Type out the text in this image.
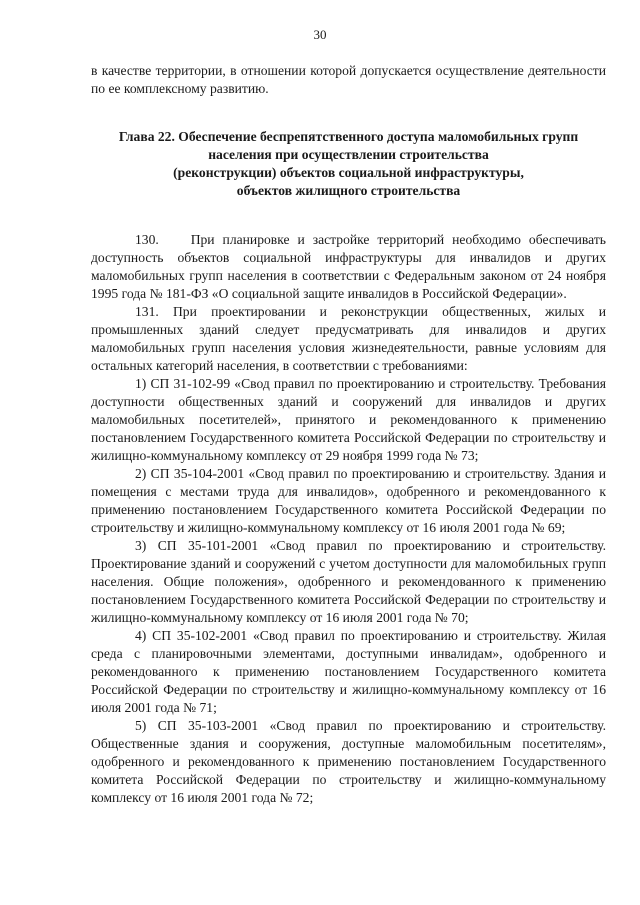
30

в качестве территории, в отношении которой допускается осуществление деятельности по ее комплексному развитию.

Глава 22. Обеспечение беспрепятственного доступа маломобильных групп
населения при осуществлении строительства
(реконструкции) объектов социальной инфраструктуры,
объектов жилищного строительства

130.    При планировке и застройке территорий необходимо обеспечивать доступность объектов социальной инфраструктуры для инвалидов и других маломобильных групп населения в соответствии с Федеральным законом от 24 ноября 1995 года № 181-ФЗ «О социальной защите инвалидов в Российской Федерации».

131. При проектировании и реконструкции общественных, жилых и промышленных зданий следует предусматривать для инвалидов и других маломобильных групп населения условия жизнедеятельности, равные условиям для остальных категорий населения, в соответствии с требованиями:

1) СП 31-102-99 «Свод правил по проектированию и строительству. Требования доступности общественных зданий и сооружений для инвалидов и других маломобильных посетителей», принятого и рекомендованного к применению постановлением Государственного комитета Российской Федерации по строительству и жилищно-коммунальному комплексу от 29 ноября 1999 года № 73;

2) СП 35-104-2001 «Свод правил по проектированию и строительству. Здания и помещения с местами труда для инвалидов», одобренного и рекомендованного к применению постановлением Государственного комитета Российской Федерации по строительству и жилищно-коммунальному комплексу от 16 июля 2001 года № 69;

3) СП 35-101-2001 «Свод правил по проектированию и строительству. Проектирование зданий и сооружений с учетом доступности для маломобильных групп населения. Общие положения», одобренного и рекомендованного к применению постановлением Государственного комитета Российской Федерации по строительству и жилищно-коммунальному комплексу от 16 июля 2001 года № 70;

4) СП 35-102-2001 «Свод правил по проектированию и строительству. Жилая среда с планировочными элементами, доступными инвалидам», одобренного и рекомендованного к применению постановлением Государственного комитета Российской Федерации по строительству и жилищно-коммунальному комплексу от 16 июля 2001 года № 71;

5) СП 35-103-2001 «Свод правил по проектированию и строительству. Общественные здания и сооружения, доступные маломобильным посетителям», одобренного и рекомендованного к применению постановлением Государственного комитета Российской Федерации по строительству и жилищно-коммунальному комплексу от 16 июля 2001 года № 72;
